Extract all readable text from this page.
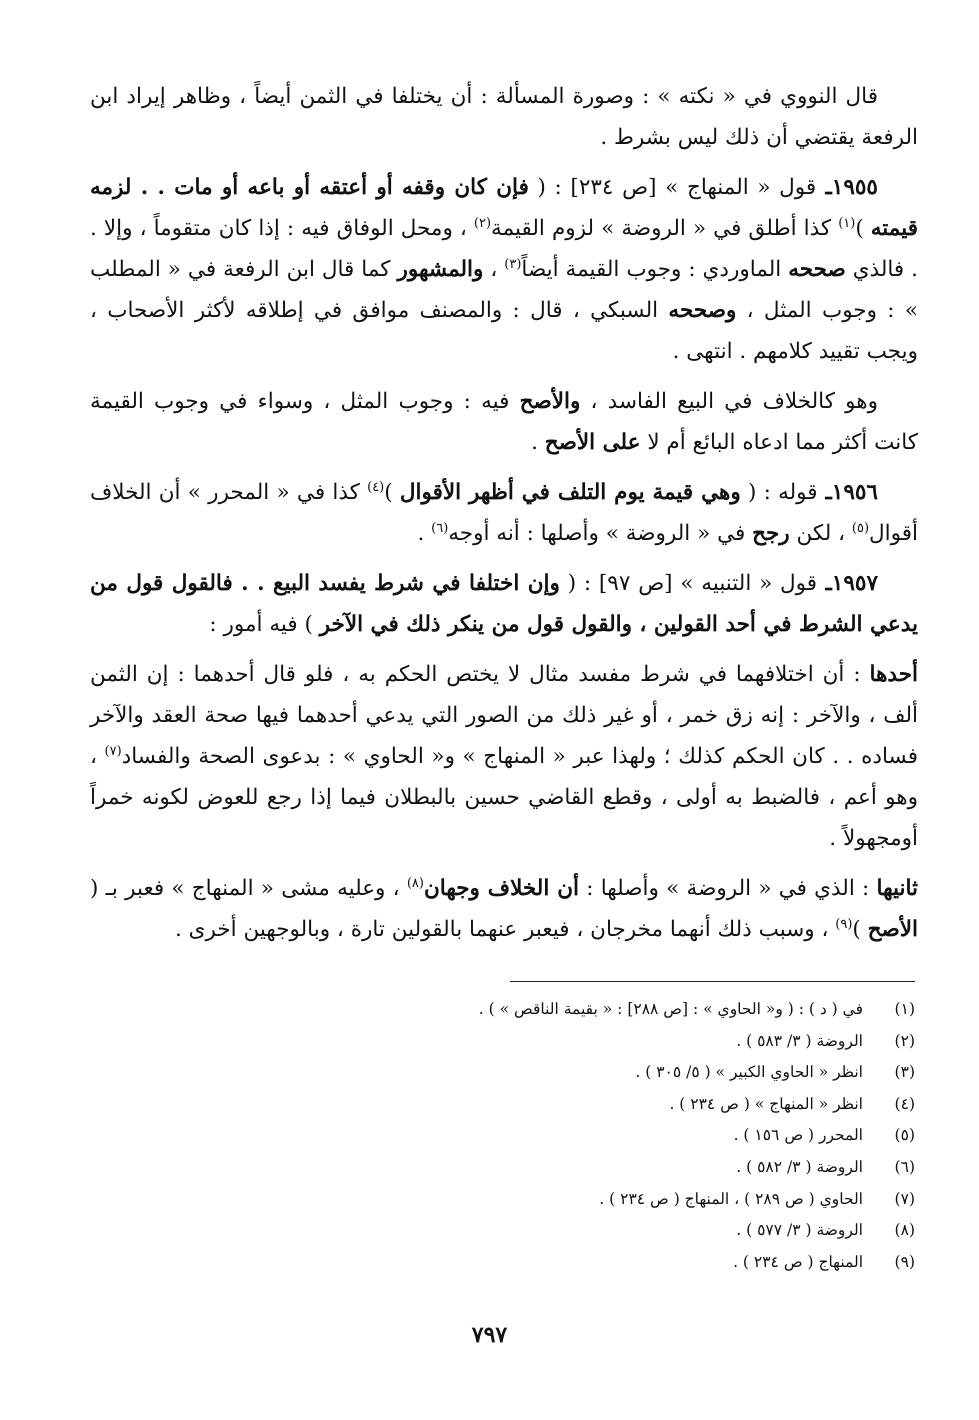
قال النووي في « نكته » : وصورة المسألة : أن يختلفا في الثمن أيضاً ، وظاهر إيراد ابن الرفعة يقتضي أن ذلك ليس بشرط .

١٩٥٥ـ قول « المنهاج » [ص ٢٣٤] : ( فإن كان وقفه أو أعتقه أو باعه أو مات . . لزمه قيمته )$^{(١)}$ كذا أطلق في « الروضة » لزوم القيمة$^{(٢)}$ ، ومحل الوفاق فيه : إذا كان متقوماً ، وإلا . . فالذي صححه الماوردي : وجوب القيمة أيضاً$^{(٣)}$ ، والمشهور كما قال ابن الرفعة في « المطلب » : وجوب المثل ، وصححه السبكي ، قال : والمصنف موافق في إطلاقه لأكثر الأصحاب ، ويجب تقييد كلامهم . انتهى .

وهو كالخلاف في البيع الفاسد ، والأصح فيه : وجوب المثل ، وسواء في وجوب القيمة كانت أكثر مما ادعاه البائع أم لا على الأصح .

١٩٥٦ـ قوله : ( وهي قيمة يوم التلف في أظهر الأقوال )$^{(٤)}$ كذا في « المحرر » أن الخلاف أقوال$^{(٥)}$ ، لكن رجح في « الروضة » وأصلها : أنه أوجه$^{(٦)}$ .

١٩٥٧ـ قول « التنبيه » [ص ٩٧] : ( وإن اختلفا في شرط يفسد البيع . . فالقول قول من يدعي الشرط في أحد القولين ، والقول قول من ينكر ذلك في الآخر ) فيه أمور :

أحدها : أن اختلافهما في شرط مفسد مثال لا يختص الحكم به ، فلو قال أحدهما : إن الثمن ألف ، والآخر : إنه زق خمر ، أو غير ذلك من الصور التي يدعي أحدهما فيها صحة العقد والآخر فساده . . كان الحكم كذلك ؛ ولهذا عبر « المنهاج » و« الحاوي » : بدعوى الصحة والفساد$^{(٧)}$ ، وهو أعم ، فالضبط به أولى ، وقطع القاضي حسين بالبطلان فيما إذا رجع للعوض لكونه خمراً أومجهولاً .

ثانيها : الذي في « الروضة » وأصلها : أن الخلاف وجهان$^{(٨)}$ ، وعليه مشى « المنهاج » فعبر بـ ( الأصح )$^{(٩)}$ ، وسبب ذلك أنهما مخرجان ، فيعبر عنهما بالقولين تارة ، وبالوجهين أخرى .

(١)
في ( د ) : ( و« الحاوي » : [ص ٢٨٨] : « بقيمة الناقص » ) .
(٢)
الروضة ( ٣/ ٥٨٣ ) .
(٣)
انظر « الحاوي الكبير » ( ٥/ ٣٠٥ ) .
(٤)
انظر « المنهاج » ( ص ٢٣٤ ) .
(٥)
المحرر ( ص ١٥٦ ) .
(٦)
الروضة ( ٣/ ٥٨٢ ) .
(٧)
الحاوي ( ص ٢٨٩ ) ، المنهاج ( ص ٢٣٤ ) .
(٨)
الروضة ( ٣/ ٥٧٧ ) .
(٩)
المنهاج ( ص ٢٣٤ ) .
٧٩٧
